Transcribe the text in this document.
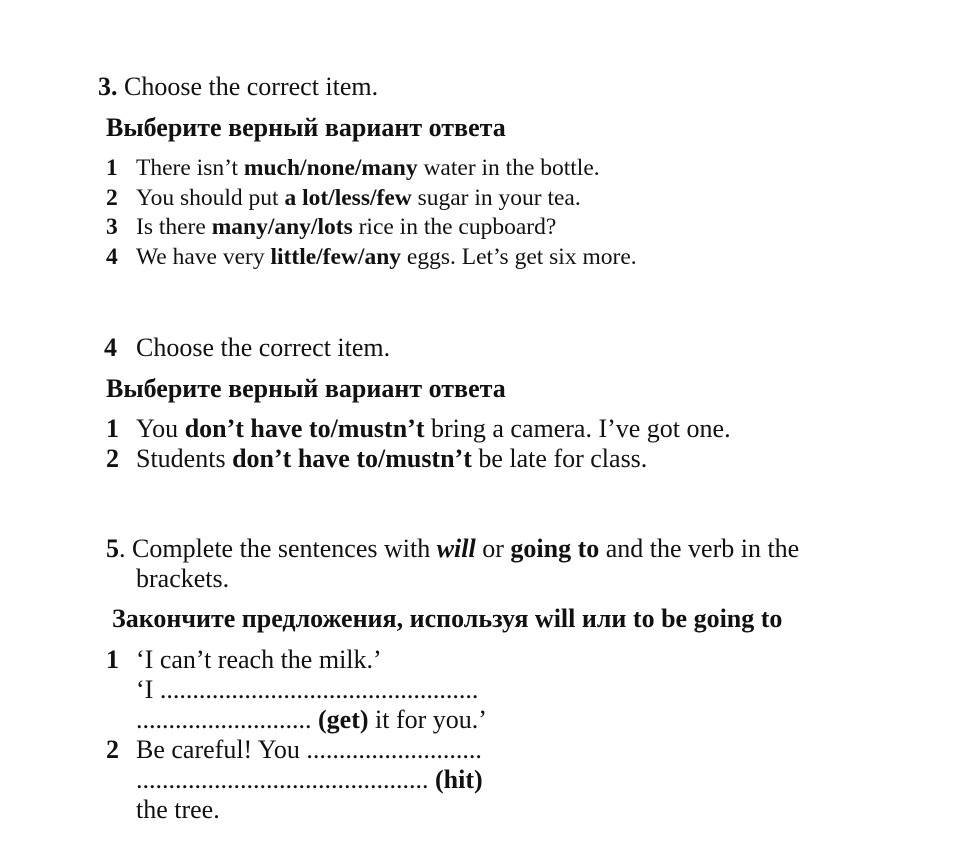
3. Choose the correct item.
Выберите верный вариант ответа
1 There isn’t much/none/many water in the bottle.
2 You should put a lot/less/few sugar in your tea.
3 Is there many/any/lots rice in the cupboard?
4 We have very little/few/any eggs. Let’s get six more.
4 Choose the correct item.
Выберите верный вариант ответа
1 You don’t have to/mustn’t bring a camera. I’ve got one.
2 Students don’t have to/mustn’t be late for class.
5. Complete the sentences with will or going to and the verb in the
brackets.
Закончите предложения, используя will или to be going to
1 ‘I can’t reach the milk.’
‘I .................................................
........................... (get) it for you.’
2 Be careful! You ...........................
............................................. (hit)
the tree.
